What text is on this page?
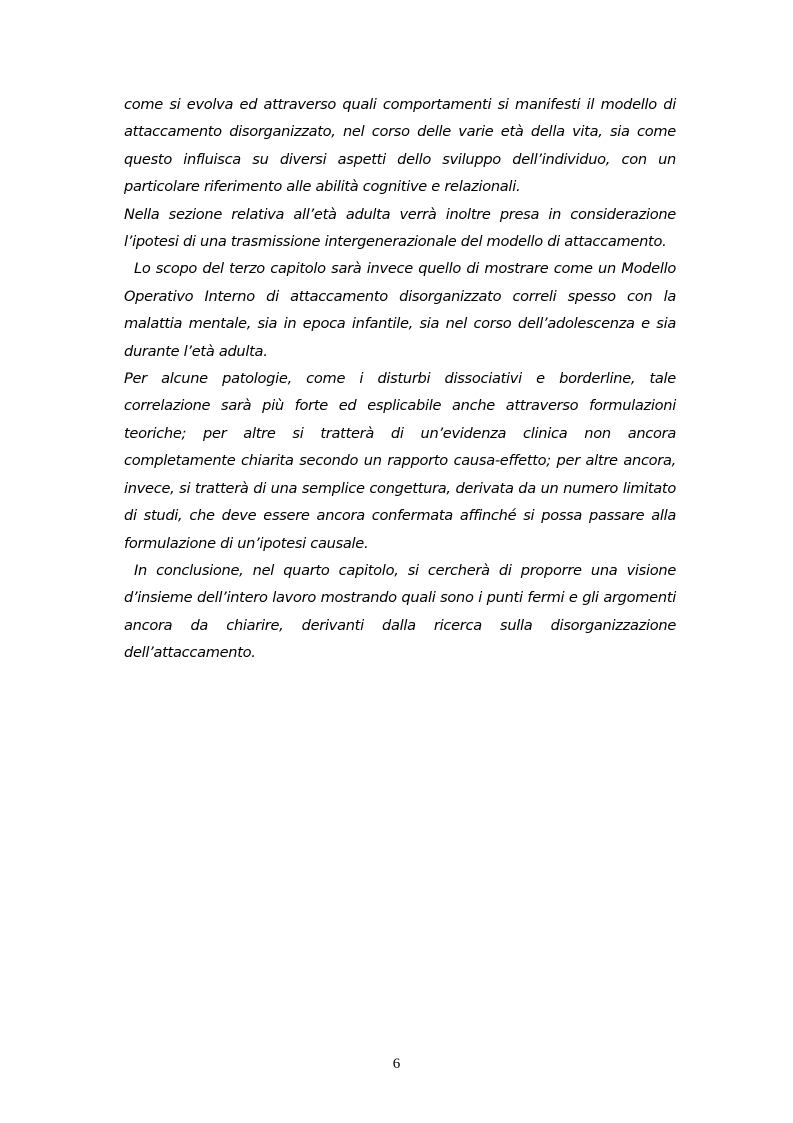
come si evolva ed attraverso quali comportamenti si manifesti il modello di attaccamento disorganizzato, nel corso delle varie età della vita, sia come questo influisca su diversi aspetti dello sviluppo dell’individuo, con un particolare riferimento alle abilità cognitive e relazionali.

Nella sezione relativa all’età adulta verrà inoltre presa in considerazione l’ipotesi di una trasmissione intergenerazionale del modello di attaccamento.

Lo scopo del terzo capitolo sarà invece quello di mostrare come un Modello Operativo Interno di attaccamento disorganizzato correli spesso con la malattia mentale, sia in epoca infantile, sia nel corso dell’adolescenza e sia durante l’età adulta.

Per alcune patologie, come i disturbi dissociativi e borderline, tale correlazione sarà più forte ed esplicabile anche attraverso formulazioni teoriche; per altre si tratterà di un’evidenza clinica non ancora completamente chiarita secondo un rapporto causa-effetto; per altre ancora, invece, si tratterà di una semplice congettura, derivata da un numero limitato di studi, che deve essere ancora confermata affinché si possa passare alla formulazione di un’ipotesi causale.

In conclusione, nel quarto capitolo, si cercherà di proporre una visione d’insieme dell’intero lavoro mostrando quali sono i punti fermi e gli argomenti ancora da chiarire, derivanti dalla ricerca sulla disorganizzazione dell’attaccamento.

6
